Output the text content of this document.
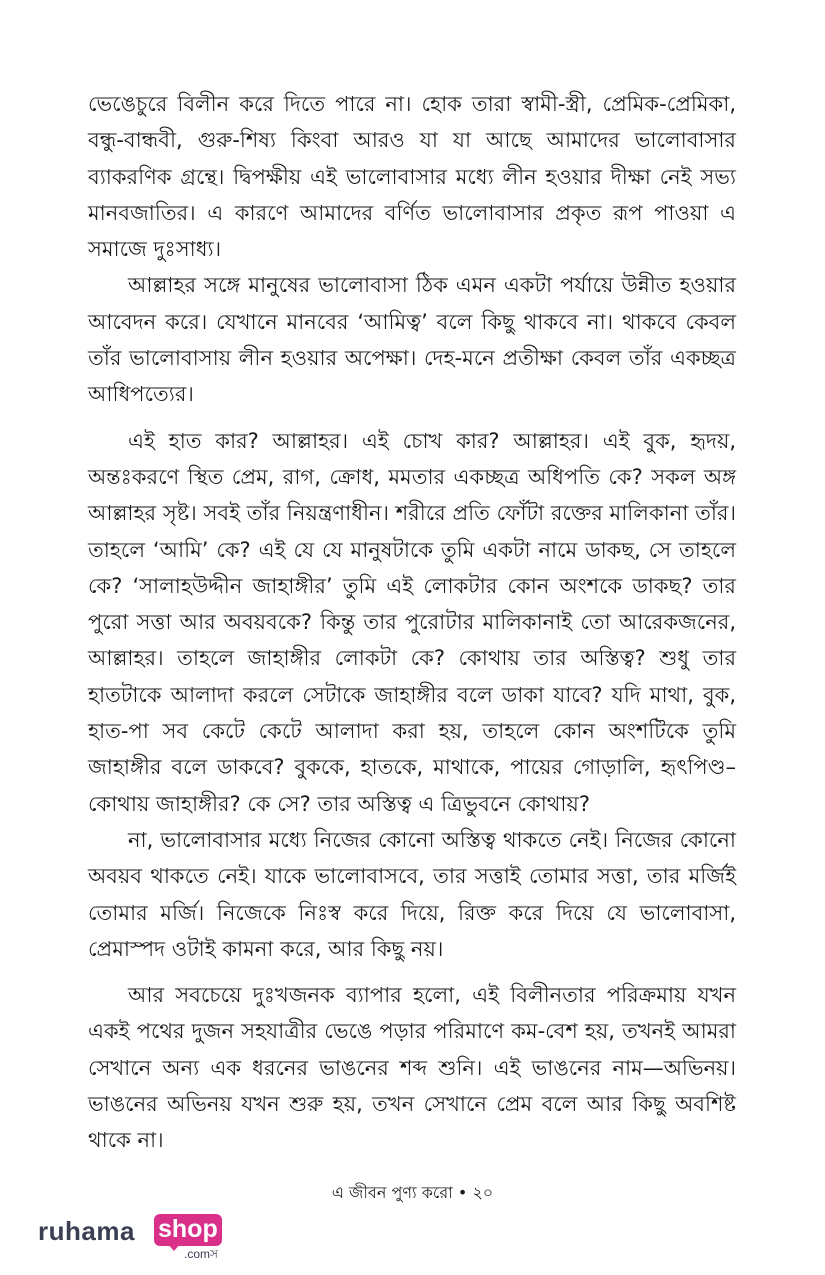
ভেঙেচুরে বিলীন করে দিতে পারে না। হোক তারা স্বামী-স্ত্রী, প্রেমিক-প্রেমিকা, বন্ধু-বান্ধবী, গুরু-শিষ্য কিংবা আরও যা যা আছে আমাদের ভালোবাসার ব্যাকরণিক গ্রন্থে। দ্বিপক্ষীয় এই ভালোবাসার মধ্যে লীন হওয়ার দীক্ষা নেই সভ্য মানবজাতির। এ কারণে আমাদের বর্ণিত ভালোবাসার প্রকৃত রূপ পাওয়া এ সমাজে দুঃসাধ্য।

আল্লাহর সঙ্গে মানুষের ভালোবাসা ঠিক এমন একটা পর্যায়ে উন্নীত হওয়ার আবেদন করে। যেখানে মানবের ‘আমিত্ব’ বলে কিছু থাকবে না। থাকবে কেবল তাঁর ভালোবাসায় লীন হওয়ার অপেক্ষা। দেহ-মনে প্রতীক্ষা কেবল তাঁর একচ্ছত্র আধিপত্যের।

এই হাত কার? আল্লাহর। এই চোখ কার? আল্লাহর। এই বুক, হৃদয়, অন্তঃকরণে স্থিত প্রেম, রাগ, ক্রোধ, মমতার একচ্ছত্র অধিপতি কে? সকল অঙ্গ আল্লাহর সৃষ্ট। সবই তাঁর নিয়ন্ত্রণাধীন। শরীরে প্রতি ফোঁটা রক্তের মালিকানা তাঁর। তাহলে ‘আমি’ কে? এই যে যে মানুষটাকে তুমি একটা নামে ডাকছ, সে তাহলে কে? ‘সালাহউদ্দীন জাহাঙ্গীর’ তুমি এই লোকটার কোন অংশকে ডাকছ? তার পুরো সত্তা আর অবয়বকে? কিন্তু তার পুরোটার মালিকানাই তো আরেকজনের, আল্লাহর। তাহলে জাহাঙ্গীর লোকটা কে? কোথায় তার অস্তিত্ব? শুধু তার হাতটাকে আলাদা করলে সেটাকে জাহাঙ্গীর বলে ডাকা যাবে? যদি মাথা, বুক, হাত-পা সব কেটে কেটে আলাদা করা হয়, তাহলে কোন অংশটিকে তুমি জাহাঙ্গীর বলে ডাকবে? বুককে, হাতকে, মাথাকে, পায়ের গোড়ালি, হৃৎপিণ্ড–কোথায় জাহাঙ্গীর? কে সে? তার অস্তিত্ব এ ত্রিভুবনে কোথায়?

না, ভালোবাসার মধ্যে নিজের কোনো অস্তিত্ব থাকতে নেই। নিজের কোনো অবয়ব থাকতে নেই। যাকে ভালোবাসবে, তার সত্তাই তোমার সত্তা, তার মর্জিই তোমার মর্জি। নিজেকে নিঃস্ব করে দিয়ে, রিক্ত করে দিয়ে যে ভালোবাসা, প্রেমাস্পদ ওটাই কামনা করে, আর কিছু নয়।

আর সবচেয়ে দুঃখজনক ব্যাপার হলো, এই বিলীনতার পরিক্রমায় যখন একই পথের দুজন সহযাত্রীর ভেঙে পড়ার পরিমাণে কম-বেশ হয়, তখনই আমরা সেখানে অন্য এক ধরনের ভাঙনের শব্দ শুনি। এই ভাঙনের নাম—অভিনয়। ভাঙনের অভিনয় যখন শুরু হয়, তখন সেখানে প্রেম বলে আর কিছু অবশিষ্ট থাকে না।

এ জীবন পুণ্য করো • ২০
ruhama shop
.comস
